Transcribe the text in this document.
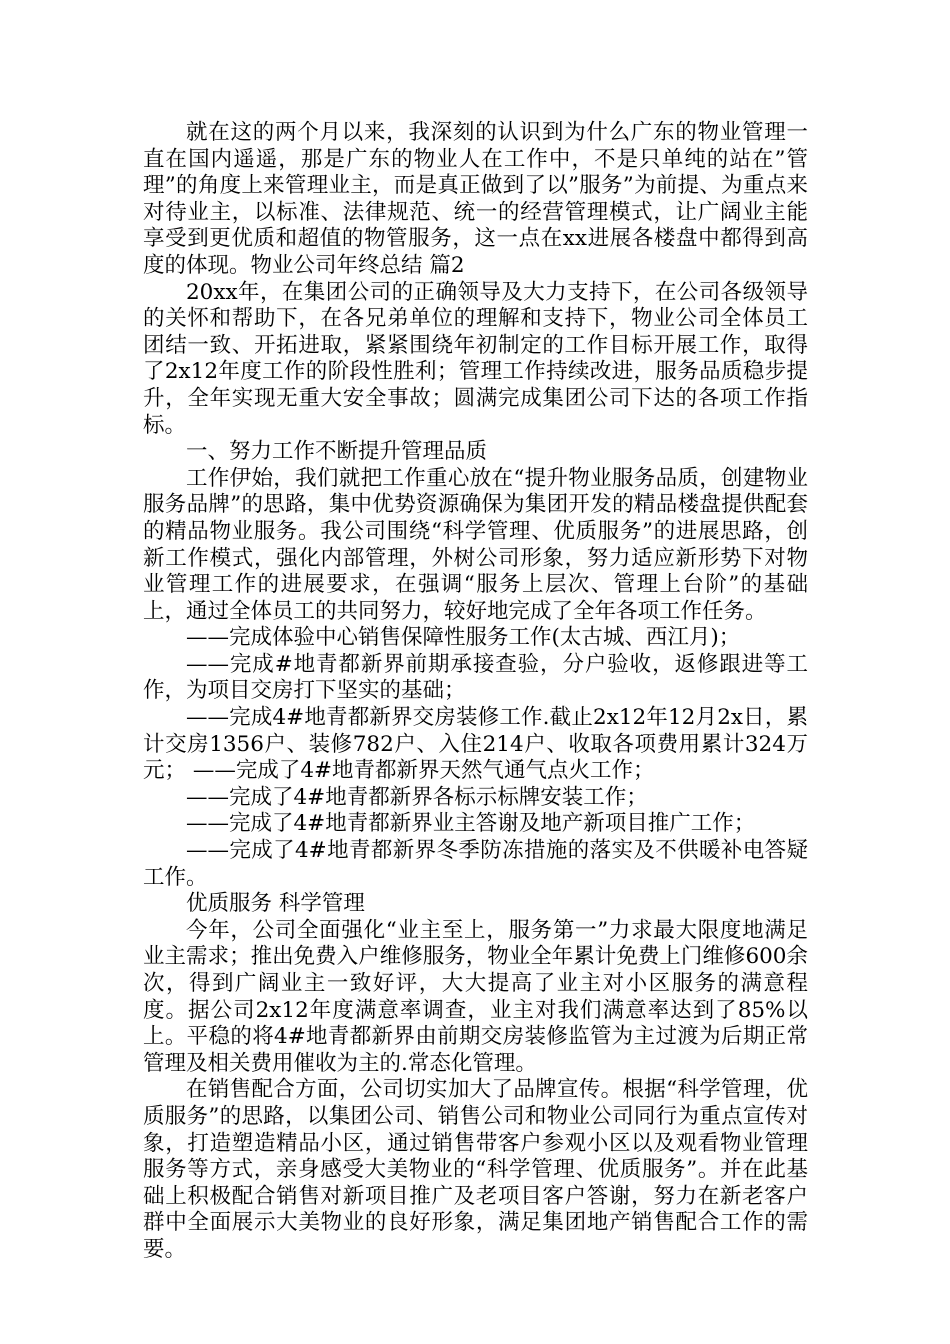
就在这的两个月以来，我深刻的认识到为什么广东的物业管理一直在国内遥遥，那是广东的物业人在工作中，不是只单纯的站在”管理”的角度上来管理业主，而是真正做到了以”服务”为前提、为重点来对待业主，以标准、法律规范、统一的经营管理模式，让广阔业主能享受到更优质和超值的物管服务，这一点在xx进展各楼盘中都得到高度的体现。物业公司年终总结 篇2

20xx年，在集团公司的正确领导及大力支持下，在公司各级领导的关怀和帮助下，在各兄弟单位的理解和支持下，物业公司全体员工团结一致、开拓进取，紧紧围绕年初制定的工作目标开展工作，取得了2x12年度工作的阶段性胜利；管理工作持续改进，服务品质稳步提升，全年实现无重大安全事故；圆满完成集团公司下达的各项工作指标。

一、努力工作不断提升管理品质

工作伊始，我们就把工作重心放在“提升物业服务品质，创建物业服务品牌”的思路，集中优势资源确保为集团开发的精品楼盘提供配套的精品物业服务。我公司围绕“科学管理、优质服务”的进展思路，创新工作模式，强化内部管理，外树公司形象，努力适应新形势下对物业管理工作的进展要求，在强调“服务上层次、管理上台阶”的基础上，通过全体员工的共同努力，较好地完成了全年各项工作任务。

——完成体验中心销售保障性服务工作(太古城、西江月)；

——完成#地青都新界前期承接查验，分户验收，返修跟进等工作，为项目交房打下坚实的基础；

——完成4#地青都新界交房装修工作.截止2x12年12月2x日，累计交房1356户、装修782户、入住214户、收取各项费用累计324万元； ——完成了4#地青都新界天然气通气点火工作；

——完成了4#地青都新界各标示标牌安装工作；

——完成了4#地青都新界业主答谢及地产新项目推广工作；

——完成了4#地青都新界冬季防冻措施的落实及不供暖补电答疑工作。

优质服务 科学管理

今年，公司全面强化“业主至上，服务第一”力求最大限度地满足业主需求；推出免费入户维修服务，物业全年累计免费上门维修600余次，得到广阔业主一致好评，大大提高了业主对小区服务的满意程度。据公司2x12年度满意率调查，业主对我们满意率达到了85%以上。平稳的将4#地青都新界由前期交房装修监管为主过渡为后期正常管理及相关费用催收为主的.常态化管理。

在销售配合方面，公司切实加大了品牌宣传。根据“科学管理，优质服务”的思路，以集团公司、销售公司和物业公司同行为重点宣传对象，打造塑造精品小区，通过销售带客户参观小区以及观看物业管理服务等方式，亲身感受大美物业的“科学管理、优质服务”。并在此基础上积极配合销售对新项目推广及老项目客户答谢，努力在新老客户群中全面展示大美物业的良好形象，满足集团地产销售配合工作的需要。
